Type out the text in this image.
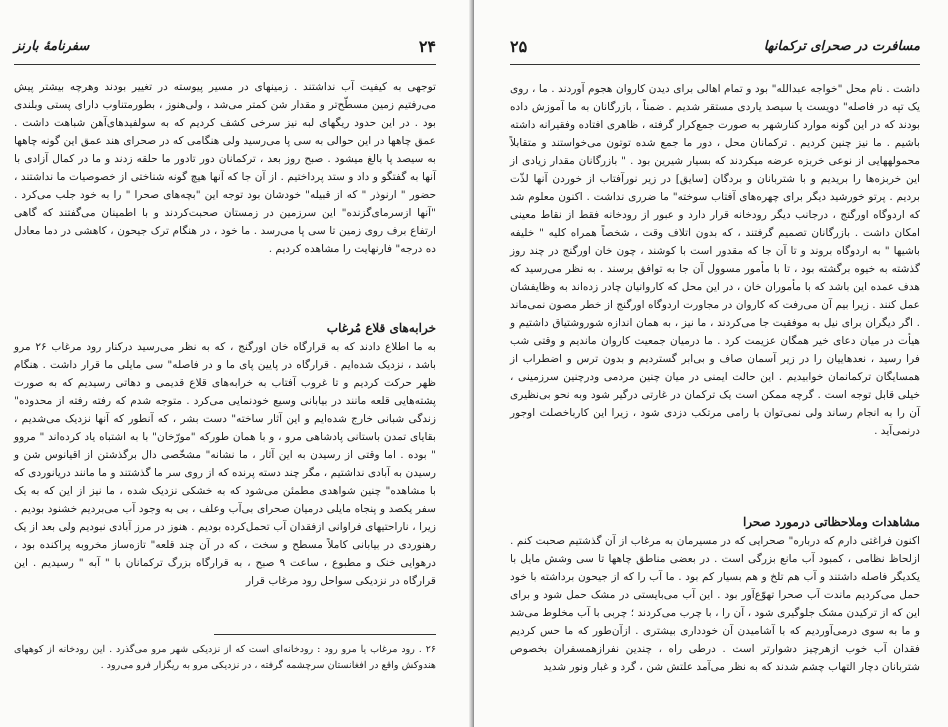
سفرنامهٔ بارنز	۲۴

توجهی به کیفیت آب نداشتند . زمینهای در مسیر پیوسته در تغییر بودند وهرچه بیشتر پیش می‌رفتیم زمین مسطّح‌تر و مقدار شن کمتر می‌شد ، ولی‌هنوز ، بطورمتناوب دارای پستی وبلندی بود . در این حدود ریگهای لبه نیز سرخی کشف کردیم که به سولفیدهای‌آهن شباهت داشت . عمق چاهها در این حوالی به سی پا می‌رسید ولی هنگامی که در صحرای هند عمق این گونه چاهها به سیصد پا بالغ میشود . صبح روز بعد ، ترکمانان دور تادور ما حلقه زدند و ما در کمال آزادی با آنها به گفتگو و داد و ستد پرداختیم . از آن جا که آنها هیچ گونه شناختی از خصوصیات ما نداشتند ، حضور " ارنوذر " که از قبیله" خودشان بود توجه این "بچه‌های صحرا " را به خود جلب می‌کرد . "آنها ازسرمای‌گزنده" این سرزمین در زمستان صحبت‌کردند و با اطمینان می‌گفتند که گاهی ارتفاع برف روی زمین تا سی پا می‌رسد . ما خود ، در هنگام ترک جیحون ، کاهشی در دما معادل ده درجه" فارنهایت را مشاهده کردیم .

خرابه‌های قلاع مُرغاب

به ما اطلاع دادند که به قرارگاه خان اورگنج ، که به نظر می‌رسید درکنار رود مرغاب ۲۶ مرو باشد ، نزدیک شده‌ایم . قرارگاه در پایین پای ما و در فاصله" سی مایلی ما قرار داشت . هنگام ظهر حرکت کردیم و تا غروب آفتاب به خرابه‌های قلاع قدیمی و دهاتی رسیدیم که به صورت پشته‌هایی قلعه مانند در بیابانی وسیع خودنمایی می‌کرد . متوجه شدم که رفته رفته از محدوده" زندگی شبانی خارج شده‌ایم و این آثار ساخته" دست بشر ، که آنطور که آنها نزدیک می‌شدیم ، بقایای تمدن باستانی پادشاهی مرو ، و با همان طورکه "مورّخان" با به اشتباه یاد کرده‌اند " مروو " بوده . اما وقتی از رسیدن به این آثار ، ما نشانه" مشخّصی دال برگذشتن از اقیانوس شن و رسیدن به آبادی نداشتیم ، مگر چند دسته پرنده که از روی سر ما گذشتند و ما مانند دریانوردی که با مشاهده" چنین شواهدی مطمئن می‌شود که به خشکی نزدیک شده ، ما نیز از این که به یک سفر یکصد و پنجاه مایلی درمیان صحرای بی‌آب وعلف ، بی به وجود آب می‌بردیم خشنود بودیم . زیرا ، ناراحتیهای فراوانی ازفقدان آب تحمل‌کرده بودیم . هنوز در مرز آبادی نبودیم ولی بعد از یک رهنوردی در بیابانی کاملاً مسطح و سخت ، که در آن چند قلعه" تازه‌ساز مخروبه پراکنده بود ، درهوایی خنک و مطبوع ، ساعت ۹ صبح ، به قرارگاه بزرگ ترکمانان با " آبه " رسیدیم . این قرارگاه در نزدیکی سواحل رود مرغاب قرار

۲۶ . رود مرغاب یا مرو رود : رودخانه‌ای است که از نزدیکی شهر مرو می‌گذرد . این رودخانه از کوههای هندوکش واقع در افغانستان سرچشمه گرفته ، در نزدیکی مرو به ریگزار فرو می‌رود .
۲۵	مسافرت در صحرای ترکمانها

داشت . نام محل "خواجه عبدالله" بود و تمام اهالی برای دیدن کاروان هجوم آوردند . ما ، روی یک تپه در فاصله" دویست یا سیصد یاردی مستقر شدیم . ضمناً ، بازرگانان به ما آموزش داده بودند که در این گونه موارد کنارشهر به صورت جمع‌کرار گرفته ، ظاهری افتاده وفقیرانه داشته باشیم . ما نیز چنین کردیم . ترکمانان محل ، دور ما جمع شده توتون می‌خواستند و متقابلاً محمولههایی از نوعی خربزه عرضه میکردند که بسیار شیرین بود . " بازرگانان مقدار زیادی از این خربزه‌ها را بریدیم و با شتربانان و بردگان [سایق] در زیر نورآفتاب از خوردن آنها لذّت بردیم . پرتو خورشید دیگر برای چهره‌های آفتاب سوخته" ما ضرری نداشت . اکنون معلوم شد که اردوگاه اورگنج ، درجانب دیگر رودخانه قرار دارد و عبور از رودخانه فقط از نقاط معینی امکان داشت . بازرگانان تصمیم گرفتند ، که بدون اتلاف وقت ، شخصاً همراه کلیه " خلیفه باشیها " به اردوگاه بروند و تا آن جا که مقدور است با کوشند ، چون خان اورگنج در چند روز گذشته به خیوه برگشته بود ، تا با مأمور مسوول آن جا به توافق برسند . به نظر می‌رسید که هدف عمده این باشد که با مأموران خان ، در این محل که کاروانیان چادر زده‌اند به وظایفشان عمل کنند . زیرا بیم آن می‌رفت که کاروان در مجاورت اردوگاه اورگنج از خطر مصون نمی‌ماند . اگر دیگران برای نیل به موفقیت جا می‌کردند ، ما نیز ، به همان اندازه شوروشتیاق داشتیم و هیأت در میان دعای خیر همگان عزیمت کرد . ما درمیان جمعیت کاروان ماندیم و وقتی شب فرا رسید ، نعدهاییان را در زیر آسمان صاف و بی‌ابر گستردیم و بدون ترس و اضطراب از همسایگان ترکمانمان خوابیدیم . این حالت ایمنی در میان چنین مردمی ودرچنین سرزمینی ، خیلی قابل توجه است . گرچه ممکن است یک ترکمان در غارتی درگیر شود وبه نحو بی‌نظیری آن را به انجام رساند ولی نمی‌توان با رامی مرتکب دزدی شود ، زیرا این کاربا‌خصلت اوجور درنمی‌آید .

مشاهدات وملاحظاتی درمورد صحرا

اکنون فراغتی دارم که درباره" صحرایی که در مسیرمان به مرغاب از آن گذشتیم صحبت کنم . ازلحاظ نظامی ، کمبود آب مانع بزرگی است . در بعضی مناطق چاهها تا سی وشش مایل با یکدیگر فاصله داشتند و آب هم تلخ و هم بسیار کم بود . ما آب را که از جیحون برداشته با خود حمل می‌کردیم ماندت آب صحرا تهوّع‌آور بود . این آب می‌بایستی در مشک حمل شود و برای این که از ترکیدن مشک جلوگیری شود ، آن را ، با چرب می‌کردند ؛ چربی با آب مخلوط می‌شد و ما به سوی درمی‌آوردیم که با آشامیدن آن خودداری بیشتری . ازآن‌طور که ما حس کردیم فقدان آب خوب ازهرچیز دشوارتر است . درطی راه ، چندین نفرازهمسفران بخصوص شتربانان دچار التهاب چشم شدند که به نظر می‌آمد علتش شن ، گرد و غبار ونور شدید
